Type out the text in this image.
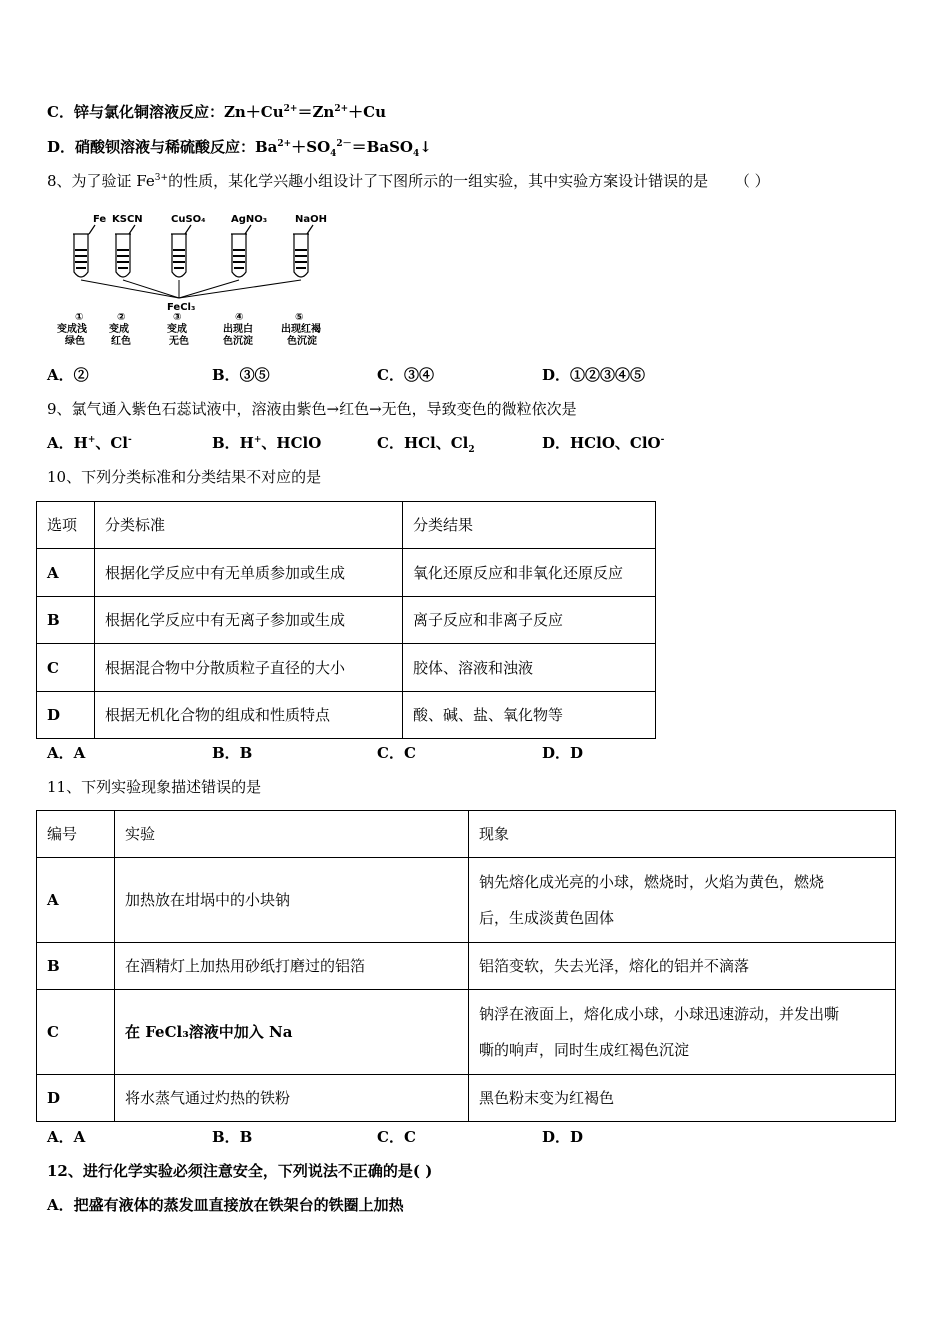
C．锌与氯化铜溶液反应：$Zn+Cu^{2+}=Zn^{2+}+Cu$
D．硝酸钡溶液与稀硫酸反应：$Ba^{2+}+SO_4^{2-}=BaSO_4↓$
8、为了验证 $Fe^{3+}$的性质，某化学兴趣小组设计了下图所示的一组实验，其中实验方案设计错误的是 （ ）
Fe KSCN	CuSO₄	AgNO₃	NaOH
FeCl₃
①	②	③	④	⑤
变成浅 变成	变成	出现白	出现红褐
绿色	红色	无色	色沉淀	色沉淀
A．②	B．③⑤	C．③④	D．①②③④⑤
9、氯气通入紫色石蕊试液中，溶液由紫色→红色→无色，导致变色的微粒依次是
A．H+、Cl-	B．H+、HClO	C．HCl、$Cl_2$	D．HClO、ClO-
10、下列分类标准和分类结果不对应的是
选项	分类标准	分类结果
A	根据化学反应中有无单质参加或生成	氧化还原反应和非氧化还原反应
B	根据化学反应中有无离子参加或生成	离子反应和非离子反应
C	根据混合物中分散质粒子直径的大小	胶体、溶液和浊液
D	根据无机化合物的组成和性质特点	酸、碱、盐、氧化物等
A．A	B．B	C．C	D．D
11、下列实验现象描述错误的是
编号	实验	现象
A	加热放在坩埚中的小块钠	钠先熔化成光亮的小球，燃烧时，火焰为黄色，燃烧
后，生成淡黄色固体

B	在酒精灯上加热用砂纸打磨过的铝箔	铝箔变软，失去光泽，熔化的铝并不滴落
C	在 FeCl₃溶液中加入 Na	钠浮在液面上，熔化成小球，小球迅速游动，并发出嘶
嘶的响声，同时生成红褐色沉淀

D	将水蒸气通过灼热的铁粉	黑色粉末变为红褐色
A．A	B．B	C．C	D．D
12、进行化学实验必须注意安全，下列说法不正确的是( )
A．把盛有液体的蒸发皿直接放在铁架台的铁圈上加热
